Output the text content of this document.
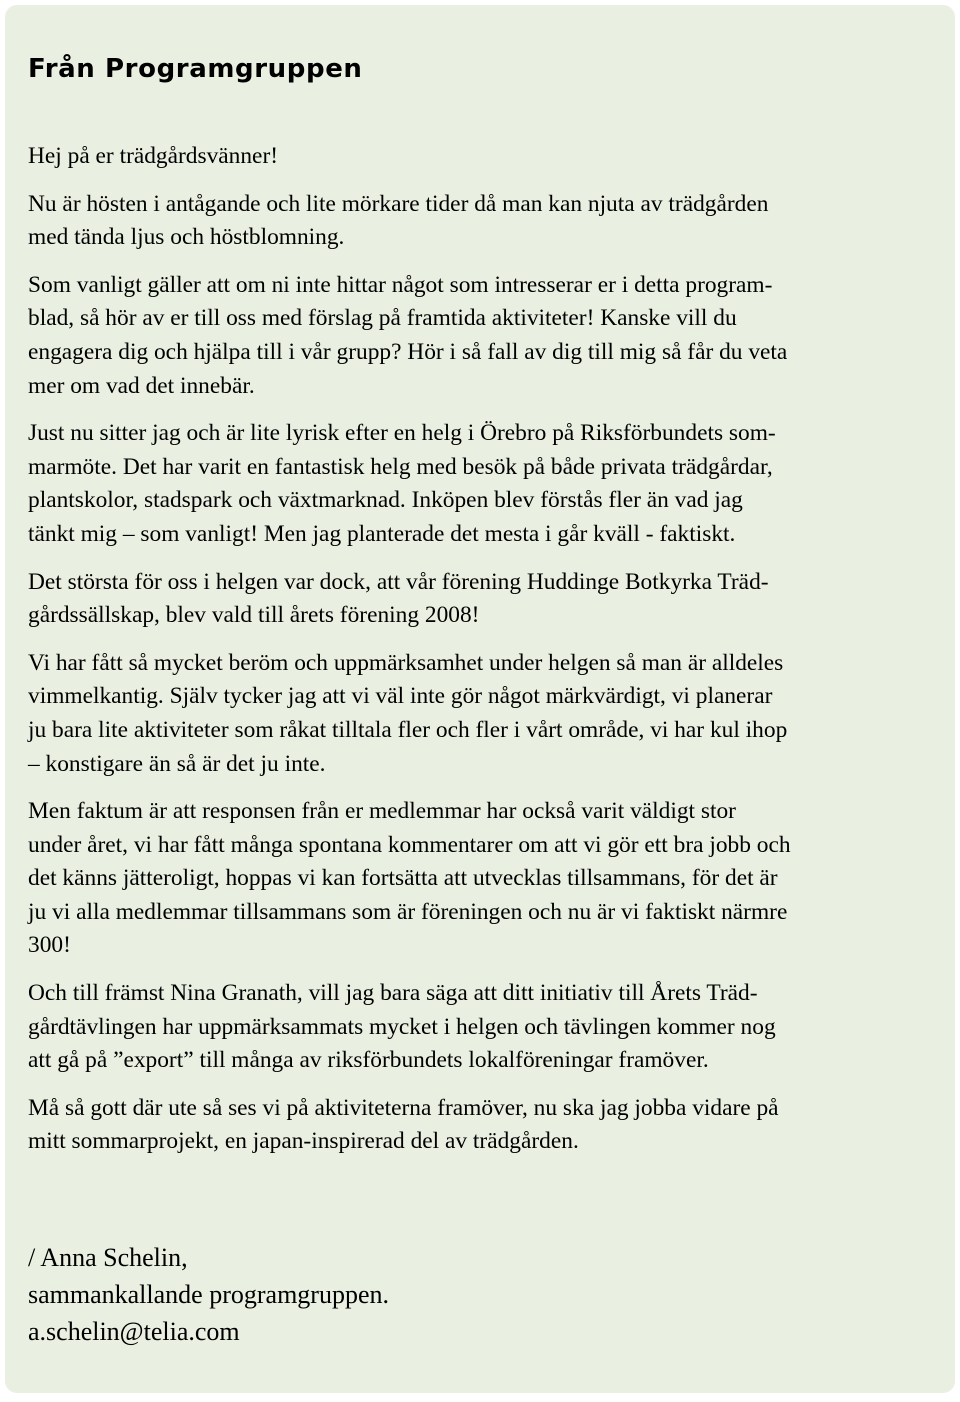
Från Programgruppen

Hej på er trädgårdsvänner!

Nu är hösten i antågande och lite mörkare tider då man kan njuta av trädgården
med tända ljus och höstblomning.

Som vanligt gäller att om ni inte hittar något som intresserar er i detta program-
blad, så hör av er till oss med förslag på framtida aktiviteter! Kanske vill du
engagera dig och hjälpa till i vår grupp? Hör i så fall av dig till mig så får du veta
mer om vad det innebär.

Just nu sitter jag och är lite lyrisk efter en helg i Örebro på Riksförbundets som-
marmöte. Det har varit en fantastisk helg med besök på både privata trädgårdar,
plantskolor, stadspark och växtmarknad. Inköpen blev förstås fler än vad jag
tänkt mig – som vanligt! Men jag planterade det mesta i går kväll - faktiskt.

Det största för oss i helgen var dock, att vår förening Huddinge Botkyrka Träd-
gårdssällskap, blev vald till årets förening 2008!

Vi har fått så mycket beröm och uppmärksamhet under helgen så man är alldeles
vimmelkantig. Själv tycker jag att vi väl inte gör något märkvärdigt, vi planerar
ju bara lite aktiviteter som råkat tilltala fler och fler i vårt område, vi har kul ihop
– konstigare än så är det ju inte.

Men faktum är att responsen från er medlemmar har också varit väldigt stor
under året, vi har fått många spontana kommentarer om att vi gör ett bra jobb och
det känns jätteroligt, hoppas vi kan fortsätta att utvecklas tillsammans, för det är
ju vi alla medlemmar tillsammans som är föreningen och nu är vi faktiskt närmre
300!

Och till främst Nina Granath, vill jag bara säga att ditt initiativ till Årets Träd-
gårdtävlingen har uppmärksammats mycket i helgen och tävlingen kommer nog
att gå på ”export” till många av riksförbundets lokalföreningar framöver.

Må så gott där ute så ses vi på aktiviteterna framöver, nu ska jag jobba vidare på
mitt sommarprojekt, en japan-inspirerad del av trädgården.

/ Anna Schelin,
sammankallande programgruppen.
a.schelin@telia.com
